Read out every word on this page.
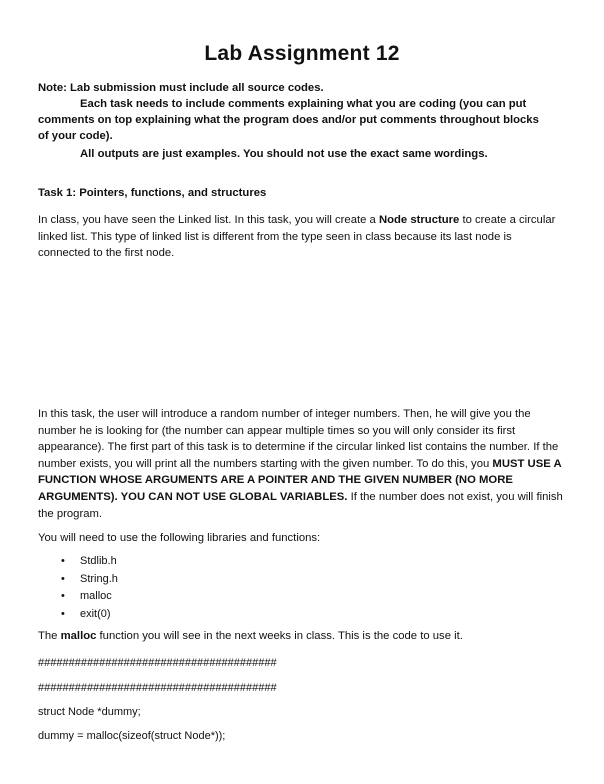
Lab Assignment 12
Note: Lab submission must include all source codes.
Each task needs to include comments explaining what you are coding (you can put
comments on top explaining what the program does and/or put comments throughout blocks
of your code).
All outputs are just examples. You should not use the exact same wordings.
Task 1: Pointers, functions, and structures
In class, you have seen the Linked list. In this task, you will create a Node structure to create a circular linked list. This type of linked list is different from the type seen in class because its last node is connected to the first node.
In this task, the user will introduce a random number of integer numbers. Then, he will give you the number he is looking for (the number can appear multiple times so you will only consider its first appearance). The first part of this task is to determine if the circular linked list contains the number. If the number exists, you will print all the numbers starting with the given number. To do this, you MUST USE A FUNCTION WHOSE ARGUMENTS ARE A POINTER AND THE GIVEN NUMBER (NO MORE ARGUMENTS). YOU CAN NOT USE GLOBAL VARIABLES. If the number does not exist, you will finish the program.
You will need to use the following libraries and functions:
• Stdlib.h
• String.h
• malloc
• exit(0)
The malloc function you will see in the next weeks in class. This is the code to use it.
#######################################
#######################################
struct Node *dummy;
dummy = malloc(sizeof(struct Node*));
